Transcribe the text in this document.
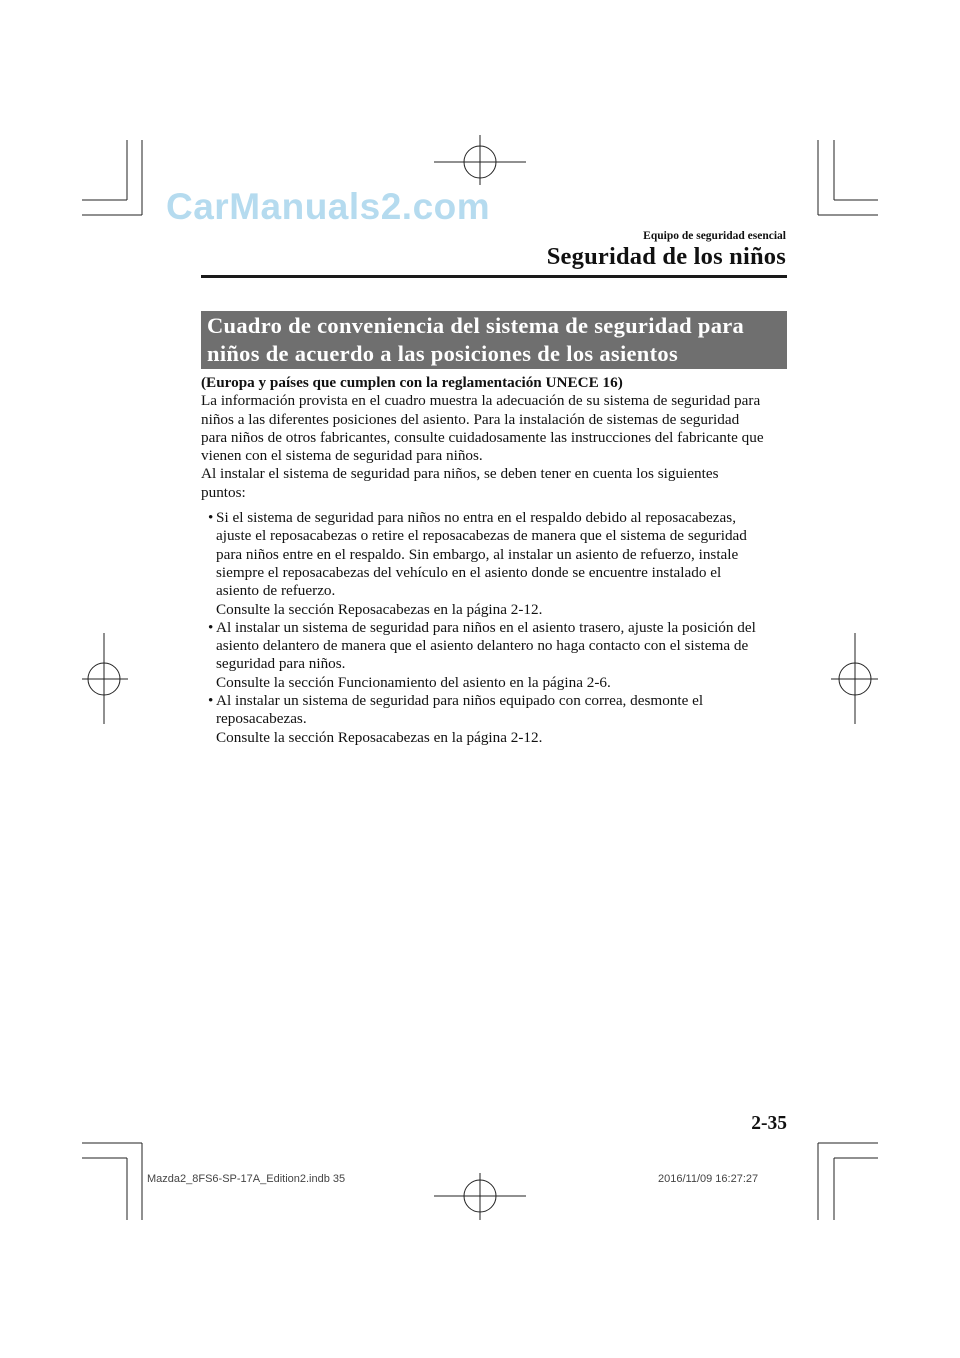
CarManuals2.com
Equipo de seguridad esencial
Seguridad de los niños
Cuadro de conveniencia del sistema de seguridad para
niños de acuerdo a las posiciones de los asientos
(Europa y países que cumplen con la reglamentación UNECE 16)
La información provista en el cuadro muestra la adecuación de su sistema de seguridad para
niños a las diferentes posiciones del asiento. Para la instalación de sistemas de seguridad
para niños de otros fabricantes, consulte cuidadosamente las instrucciones del fabricante que
vienen con el sistema de seguridad para niños.
Al instalar el sistema de seguridad para niños, se deben tener en cuenta los siguientes
puntos:
• Si el sistema de seguridad para niños no entra en el respaldo debido al reposacabezas,
ajuste el reposacabezas o retire el reposacabezas de manera que el sistema de seguridad
para niños entre en el respaldo. Sin embargo, al instalar un asiento de refuerzo, instale
siempre el reposacabezas del vehículo en el asiento donde se encuentre instalado el
asiento de refuerzo.
Consulte la sección Reposacabezas en la página 2-12.
• Al instalar un sistema de seguridad para niños en el asiento trasero, ajuste la posición del
asiento delantero de manera que el asiento delantero no haga contacto con el sistema de
seguridad para niños.
Consulte la sección Funcionamiento del asiento en la página 2-6.
• Al instalar un sistema de seguridad para niños equipado con correa, desmonte el
reposacabezas.
Consulte la sección Reposacabezas en la página 2-12.
2-35
Mazda2_8FS6-SP-17A_Edition2.indb 35	2016/11/09 16:27:27
